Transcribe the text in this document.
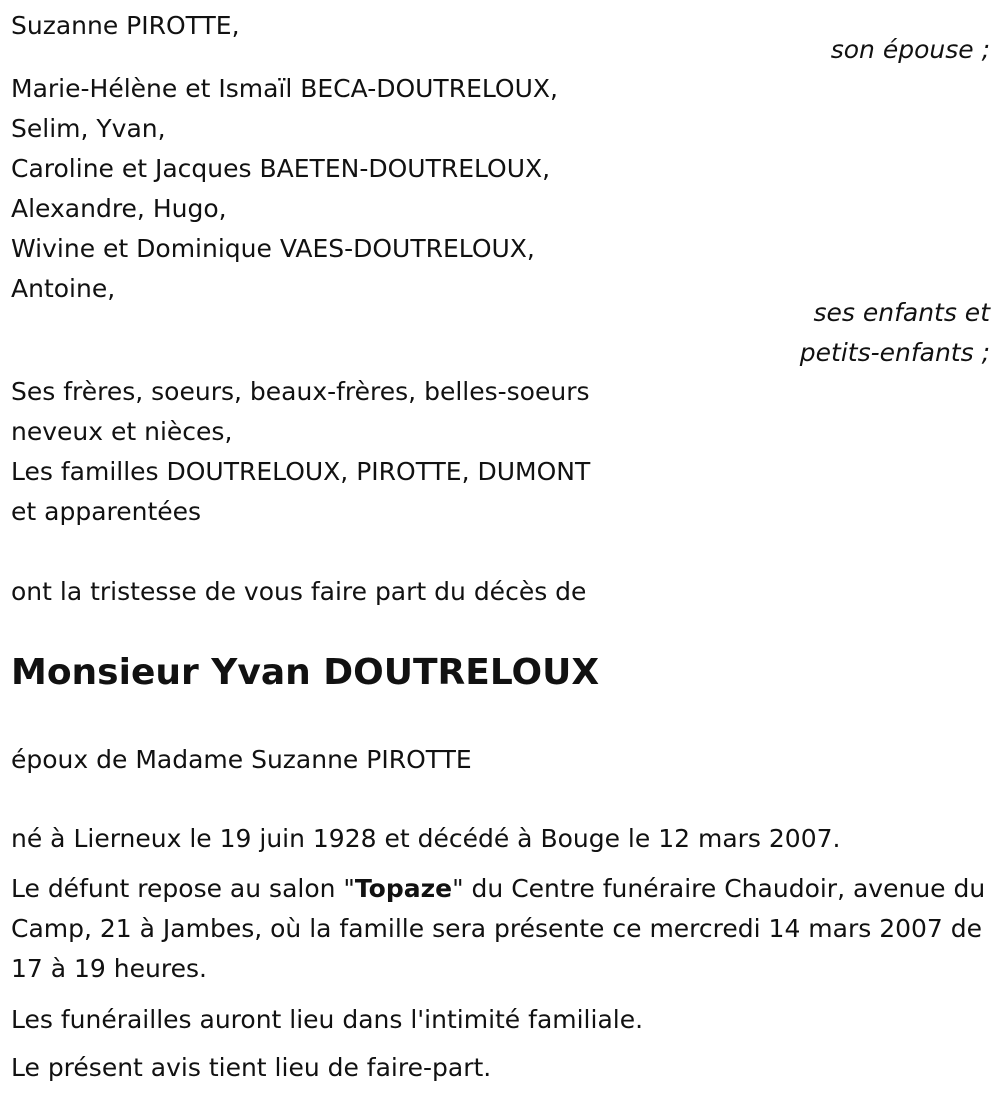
Suzanne PIROTTE,
son épouse ;
Marie-Hélène et Ismaïl BECA-DOUTRELOUX,
Selim, Yvan,
Caroline et Jacques BAETEN-DOUTRELOUX,
Alexandre, Hugo,
Wivine et Dominique VAES-DOUTRELOUX,
Antoine,
ses enfants et
petits-enfants ;
Ses frères, soeurs, beaux-frères, belles-soeurs
neveux et nièces,
Les familles DOUTRELOUX, PIROTTE, DUMONT
et apparentées
ont la tristesse de vous faire part du décès de
Monsieur Yvan DOUTRELOUX
époux de Madame Suzanne PIROTTE
né à Lierneux le 19 juin 1928 et décédé à Bouge le 12 mars 2007.
Le défunt repose au salon "Topaze" du Centre funéraire Chaudoir, avenue du Camp, 21 à Jambes, où la famille sera présente ce mercredi 14 mars 2007 de 17 à 19 heures.
Les funérailles auront lieu dans l'intimité familiale.
Le présent avis tient lieu de faire-part.
